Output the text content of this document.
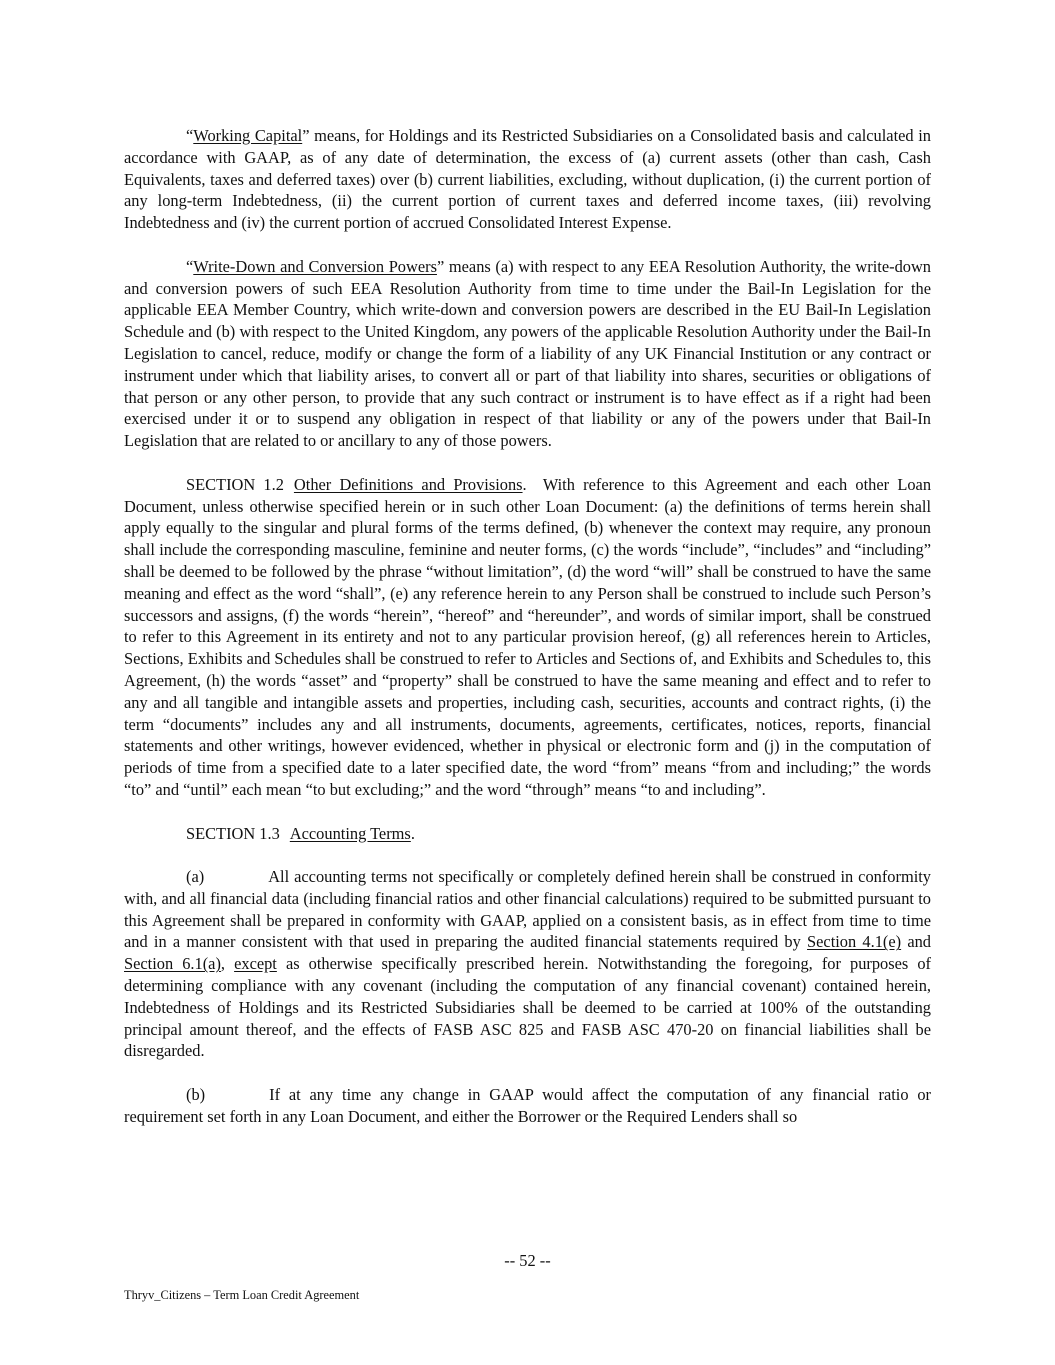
“Working Capital” means, for Holdings and its Restricted Subsidiaries on a Consolidated basis and calculated in accordance with GAAP, as of any date of determination, the excess of (a) current assets (other than cash, Cash Equivalents, taxes and deferred taxes) over (b) current liabilities, excluding, without duplication, (i) the current portion of any long-term Indebtedness, (ii) the current portion of current taxes and deferred income taxes, (iii) revolving Indebtedness and (iv) the current portion of accrued Consolidated Interest Expense.

“Write-Down and Conversion Powers” means (a) with respect to any EEA Resolution Authority, the write-down and conversion powers of such EEA Resolution Authority from time to time under the Bail-In Legislation for the applicable EEA Member Country, which write-down and conversion powers are described in the EU Bail-In Legislation Schedule and (b) with respect to the United Kingdom, any powers of the applicable Resolution Authority under the Bail-In Legislation to cancel, reduce, modify or change the form of a liability of any UK Financial Institution or any contract or instrument under which that liability arises, to convert all or part of that liability into shares, securities or obligations of that person or any other person, to provide that any such contract or instrument is to have effect as if a right had been exercised under it or to suspend any obligation in respect of that liability or any of the powers under that Bail-In Legislation that are related to or ancillary to any of those powers.

SECTION 1.2 Other Definitions and Provisions. With reference to this Agreement and each other Loan Document, unless otherwise specified herein or in such other Loan Document: (a) the definitions of terms herein shall apply equally to the singular and plural forms of the terms defined, (b) whenever the context may require, any pronoun shall include the corresponding masculine, feminine and neuter forms, (c) the words “include”, “includes” and “including” shall be deemed to be followed by the phrase “without limitation”, (d) the word “will” shall be construed to have the same meaning and effect as the word “shall”, (e) any reference herein to any Person shall be construed to include such Person’s successors and assigns, (f) the words “herein”, “hereof” and “hereunder”, and words of similar import, shall be construed to refer to this Agreement in its entirety and not to any particular provision hereof, (g) all references herein to Articles, Sections, Exhibits and Schedules shall be construed to refer to Articles and Sections of, and Exhibits and Schedules to, this Agreement, (h) the words “asset” and “property” shall be construed to have the same meaning and effect and to refer to any and all tangible and intangible assets and properties, including cash, securities, accounts and contract rights, (i) the term “documents” includes any and all instruments, documents, agreements, certificates, notices, reports, financial statements and other writings, however evidenced, whether in physical or electronic form and (j) in the computation of periods of time from a specified date to a later specified date, the word “from” means “from and including;” the words “to” and “until” each mean “to but excluding;” and the word “through” means “to and including”.

SECTION 1.3 Accounting Terms.

(a)	All accounting terms not specifically or completely defined herein shall be construed in conformity with, and all financial data (including financial ratios and other financial calculations) required to be submitted pursuant to this Agreement shall be prepared in conformity with GAAP, applied on a consistent basis, as in effect from time to time and in a manner consistent with that used in preparing the audited financial statements required by Section 4.1(e) and Section 6.1(a), except as otherwise specifically prescribed herein. Notwithstanding the foregoing, for purposes of determining compliance with any covenant (including the computation of any financial covenant) contained herein, Indebtedness of Holdings and its Restricted Subsidiaries shall be deemed to be carried at 100% of the outstanding principal amount thereof, and the effects of FASB ASC 825 and FASB ASC 470-20 on financial liabilities shall be disregarded.

(b)	If at any time any change in GAAP would affect the computation of any financial ratio or requirement set forth in any Loan Document, and either the Borrower or the Required Lenders shall so

-- 52 --
Thryv_Citizens – Term Loan Credit Agreement
